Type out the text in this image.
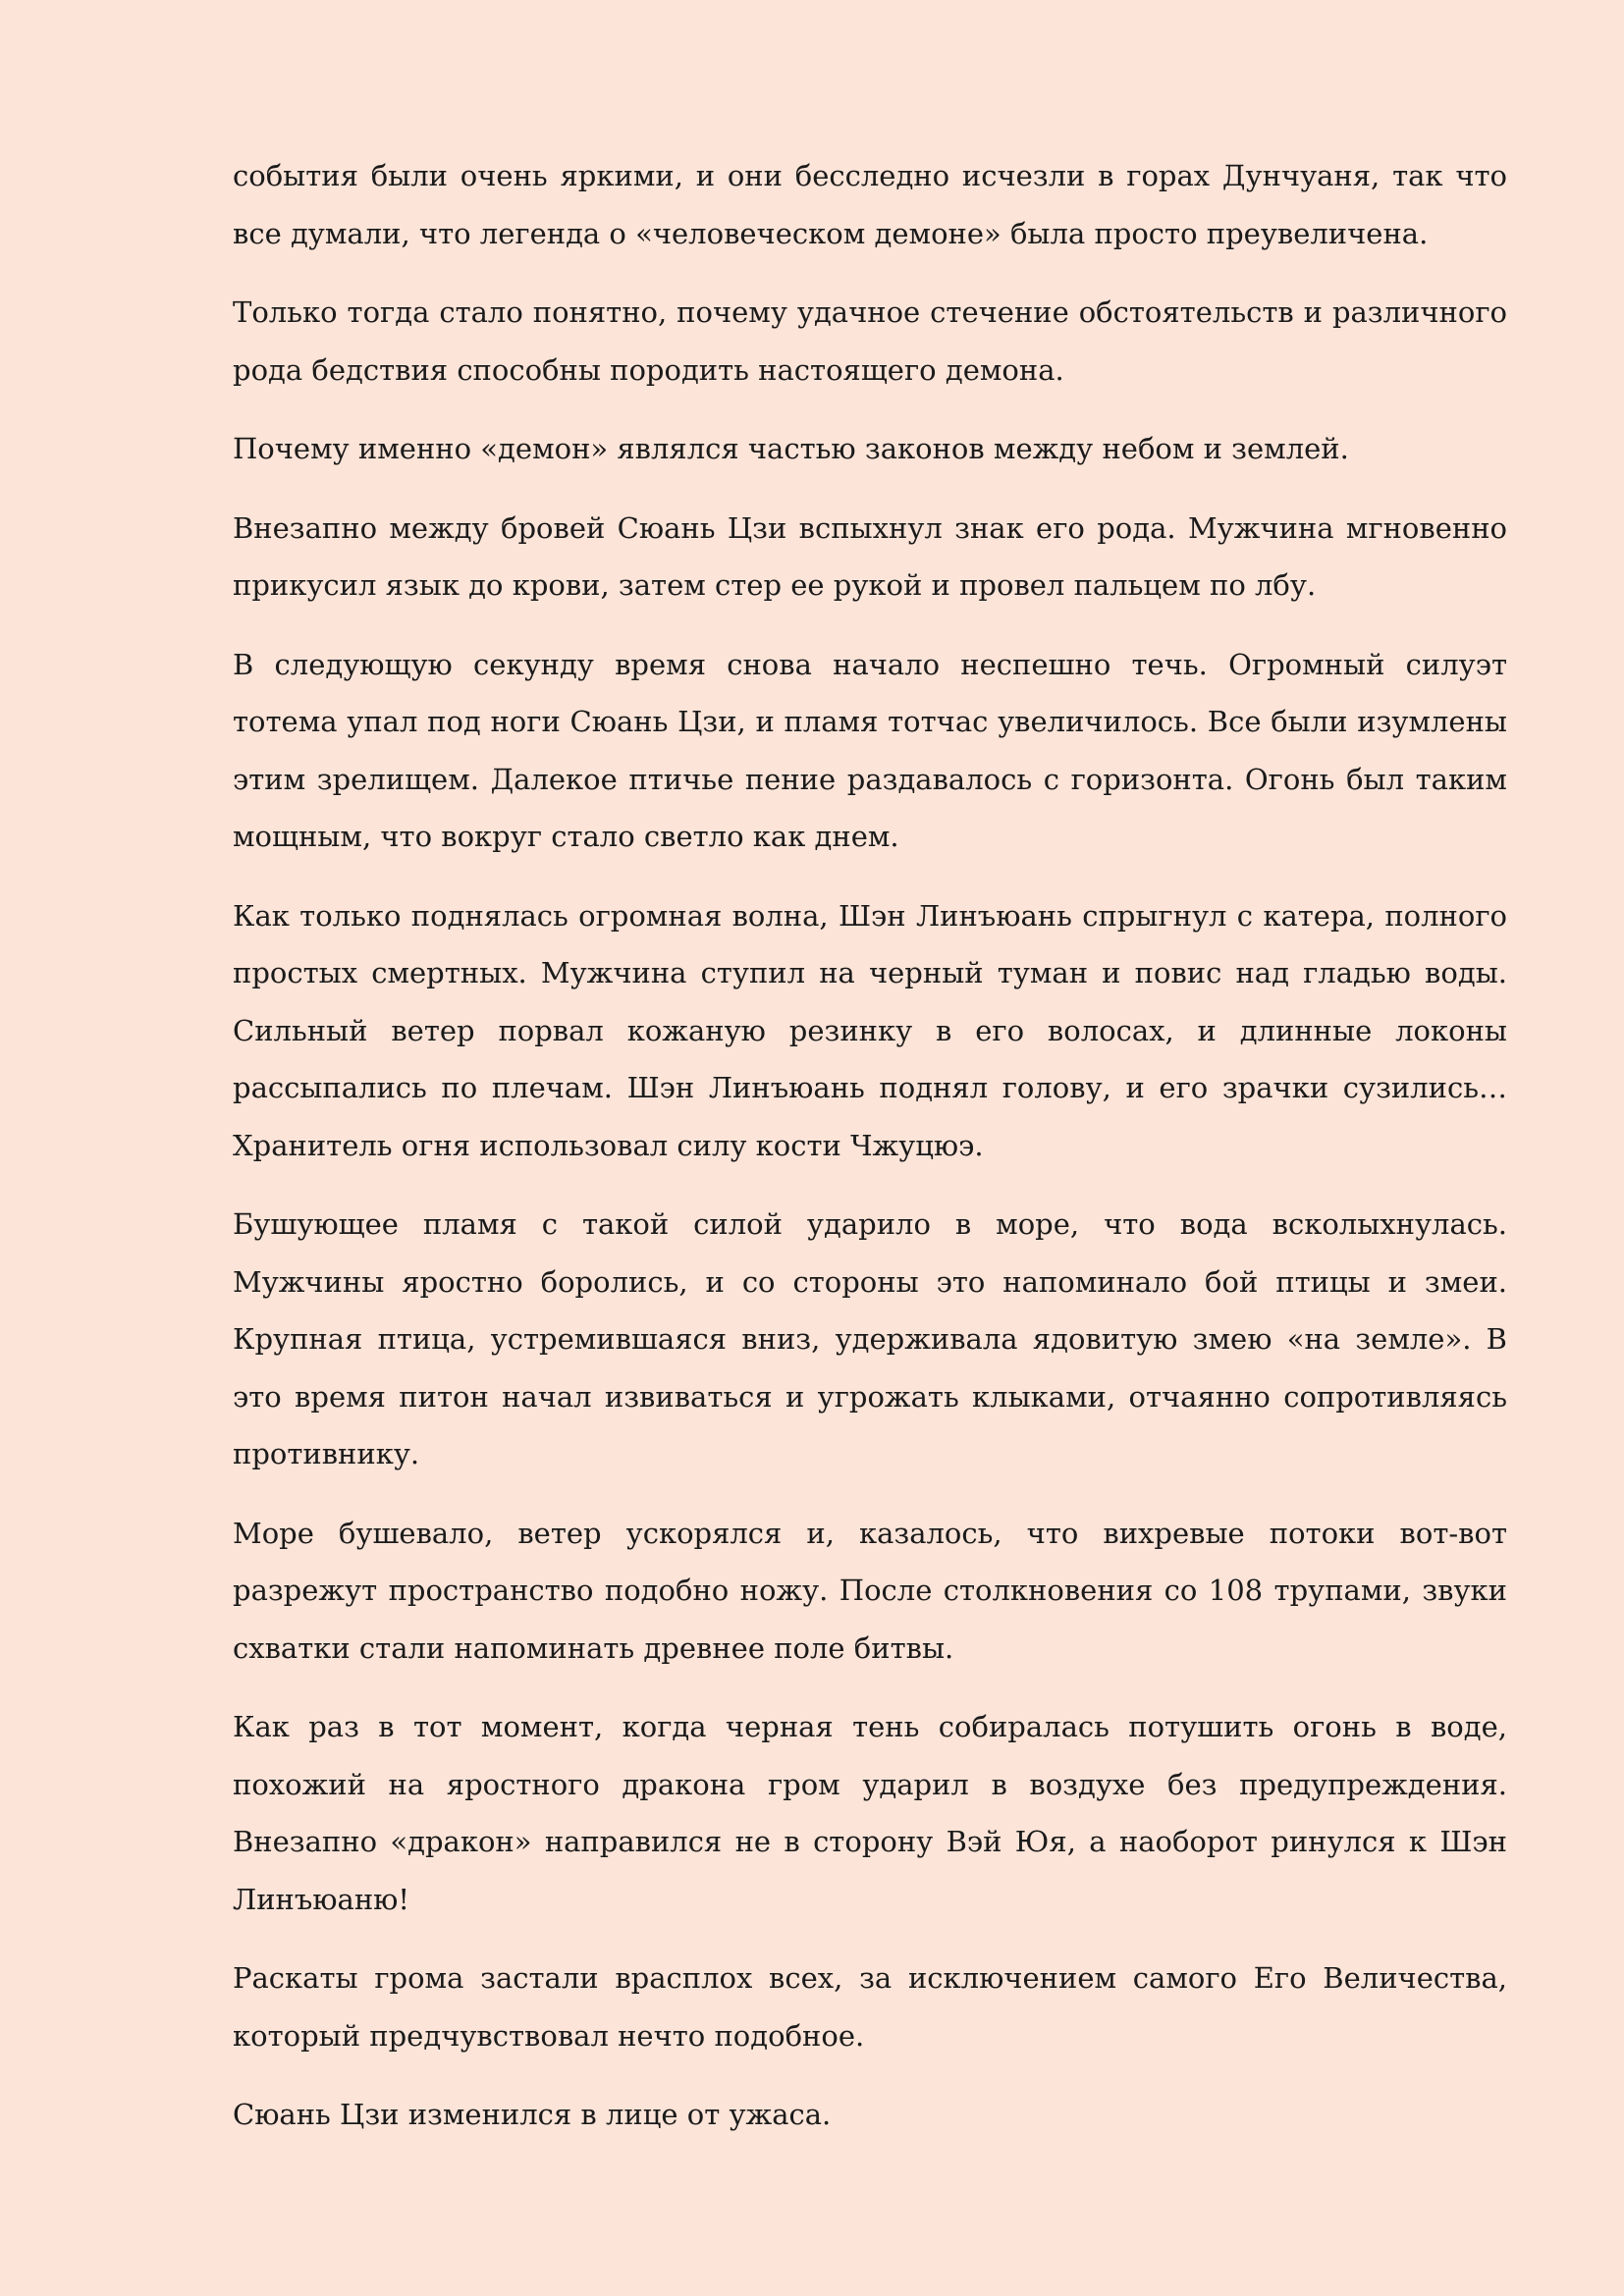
события были очень яркими, и они бесследно исчезли в горах Дунчуаня, так что все думали, что легенда о «человеческом демоне» была просто преувеличена.

Только тогда стало понятно, почему удачное стечение обстоятельств и различного рода бедствия способны породить настоящего демона.

Почему именно «демон» являлся частью законов между небом и землей.

Внезапно между бровей Сюань Цзи вспыхнул знак его рода. Мужчина мгновенно прикусил язык до крови, затем стер ее рукой и провел пальцем по лбу.

В следующую секунду время снова начало неспешно течь. Огромный силуэт тотема упал под ноги Сюань Цзи, и пламя тотчас увеличилось. Все были изумлены этим зрелищем. Далекое птичье пение раздавалось с горизонта. Огонь был таким мощным, что вокруг стало светло как днем.

Как только поднялась огромная волна, Шэн Линъюань спрыгнул с катера, полного простых смертных. Мужчина ступил на черный туман и повис над гладью воды. Сильный ветер порвал кожаную резинку в его волосах, и длинные локоны рассыпались по плечам. Шэн Линъюань поднял голову, и его зрачки сузились… Хранитель огня использовал силу кости Чжуцюэ.

Бушующее пламя с такой силой ударило в море, что вода всколыхнулась. Мужчины яростно боролись, и со стороны это напоминало бой птицы и змеи. Крупная птица, устремившаяся вниз, удерживала ядовитую змею «на земле». В это время питон начал извиваться и угрожать клыками, отчаянно сопротивляясь противнику.

Море бушевало, ветер ускорялся и, казалось, что вихревые потоки вот-вот разрежут пространство подобно ножу. После столкновения со 108 трупами, звуки схватки стали напоминать древнее поле битвы.

Как раз в тот момент, когда черная тень собиралась потушить огонь в воде, похожий на яростного дракона гром ударил в воздухе без предупреждения. Внезапно «дракон» направился не в сторону Вэй Юя, а наоборот ринулся к Шэн Линъюаню!

Раскаты грома застали врасплох всех, за исключением самого Его Величества, который предчувствовал нечто подобное.

Сюань Цзи изменился в лице от ужаса.
